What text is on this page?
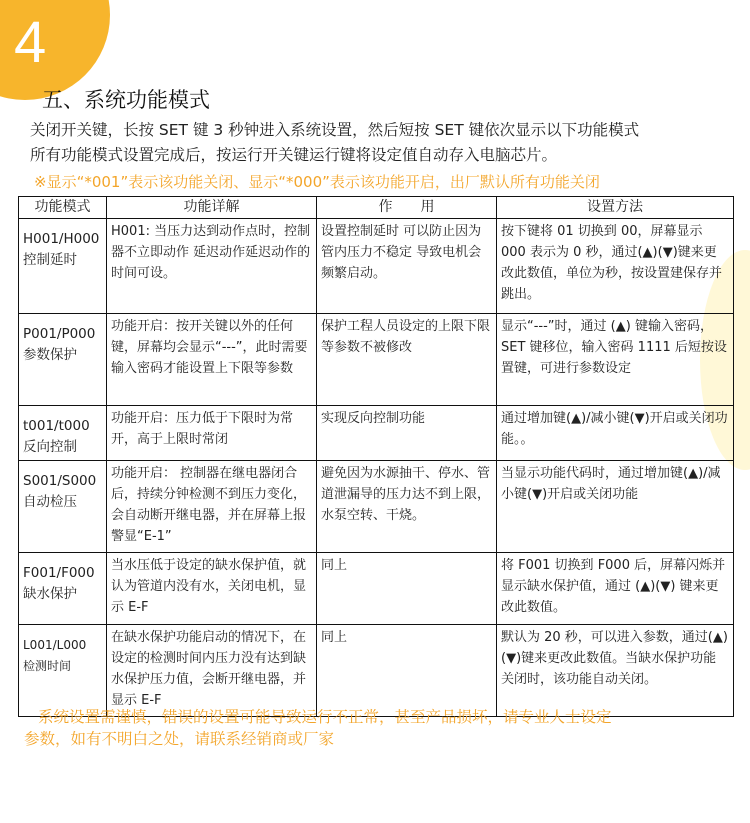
4
五、系统功能模式
关闭开关键，长按 SET 键 3 秒钟进入系统设置，然后短按 SET 键依次显示以下功能模式
所有功能模式设置完成后，按运行开关键运行键将设定值自动存入电脑芯片。
※显示“*001”表示该功能关闭、显示“*000”表示该功能开启，出厂默认所有功能关闭
功能模式	功能详解	作　　用	设置方法

H001/H000
控制延时	H001: 当压力达到动作点时，控制器不立即动作 延迟动作延迟动作的时间可设。	设置控制延时 可以防止因为管内压力不稳定 导致电机会频繁启动。	按下键将 01 切换到 00，屏幕显示 000 表示为 0 秒，通过(▲)(▼)键来更改此数值，单位为秒，按设置建保存并跳出。

P001/P000
参数保护	功能开启：按开关键以外的任何键，屏幕均会显示“---”，此时需要输入密码才能设置上下限等参数	保护工程人员设定的上限下限等参数不被修改	显示“---”时，通过 (▲) 键输入密码，SET 键移位，输入密码 1111 后短按设置键，可进行参数设定

t001/t000
反向控制	功能开启：压力低于下限时为常开，高于上限时常闭	实现反向控制功能	通过增加键(▲)/减小键(▼)开启或关闭功能。。

S001/S000
自动检压	功能开启： 控制器在继电器闭合后，持续分钟检测不到压力变化，会自动断开继电器，并在屏幕上报警显“E-1”	避免因为水源抽干、停水、管道泄漏导的压力达不到上限，水泵空转、干烧。	当显示功能代码时，通过增加键(▲)/减小键(▼)开启或关闭功能

F001/F000
缺水保护	当水压低于设定的缺水保护值，就认为管道内没有水，关闭电机，显示 E-F	同上	将 F001 切换到 F000 后，屏幕闪烁并显示缺水保护值，通过 (▲)(▼) 键来更改此数值。

L001/L000
检测时间	在缺水保护功能启动的情况下，在设定的检测时间内压力没有达到缺水保护压力值，会断开继电器，并显示 E-F	同上	默认为 20 秒，可以进入参数，通过(▲)(▼)键来更改此数值。当缺水保护功能关闭时，该功能自动关闭。
系统设置需谨慎，错误的设置可能导致运行不正常，甚至产品损坏，请专业人士设定
参数，如有不明白之处，请联系经销商或厂家
